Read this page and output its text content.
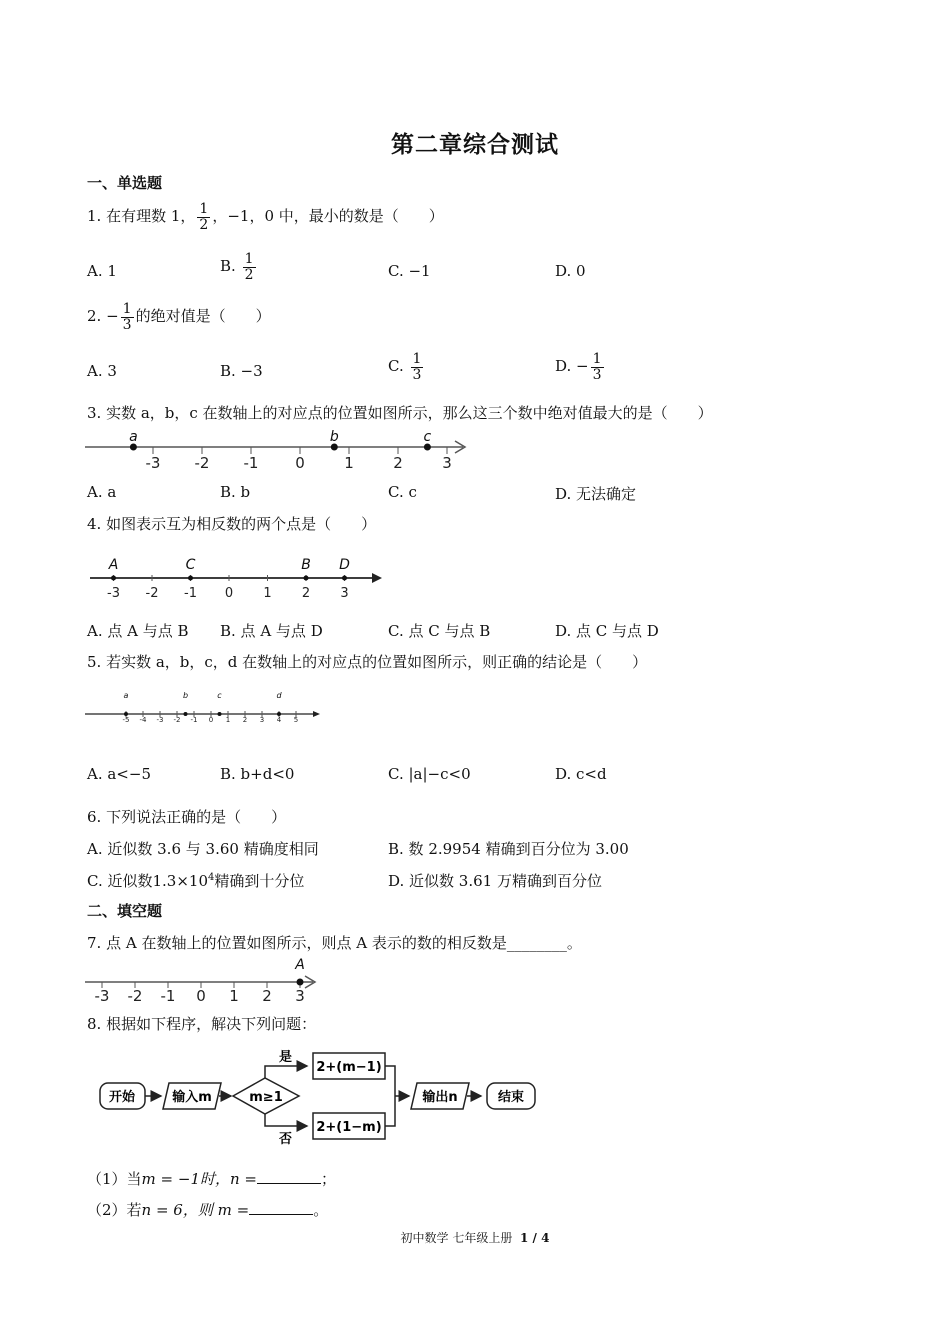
第二章综合测试
一、单选题
1. 在有理数 1， $\frac{1}{2}$ ，−1，0 中，最小的数是（　　）
A. 1	B. $\frac{1}{2}$	C. −1	D. 0
2. − $\frac{1}{3}$ 的绝对值是（　　）
A. 3	B. −3	C. $\frac{1}{3}$	D. − $\frac{1}{3}$
3. 实数 a，b，c 在数轴上的对应点的位置如图所示，那么这三个数中绝对值最大的是（　　）
-3 -2 -1 0	1	2	3
a	b	c
A. a	B. b	C. c	D. 无法确定
4. 如图表示互为相反数的两个点是（　　）
-3 -2 -1 0 1 2 3
A	C	B D
A. 点 A 与点 B B. 点 A 与点 D	C. 点 C 与点 B	D. 点 C 与点 D
5. 若实数 a，b，c，d 在数轴上的对应点的位置如图所示，则正确的结论是（　　）
-5 -4 -3 -2 -1 0 1 2 3 4 5
a	b	c	d
A. a<−5	B. b+d<0	C. |a|−c<0	D. c<d
6. 下列说法正确的是（　　）
A. 近似数 3.6 与 3.60 精确度相同	B. 数 2.9954 精确到百分位为 3.00
C. 近似数$1.3\times 10^4$精确到十分位	D. 近似数 3.61 万精确到百分位
二、填空题
7. 点 A 在数轴上的位置如图所示，则点 A 表示的数的相反数是________。
-3 -2 -1 0 1 2 3
A
8. 根据如下程序，解决下列问题：
开始	输入m	m≥1
是
否
2+(m−1)
2+(1−m)
输出n	结束
（1）当m = −1时，n =	；
（2）若n = 6，则 m =	。
初中数学 七年级上册 1 / 4
